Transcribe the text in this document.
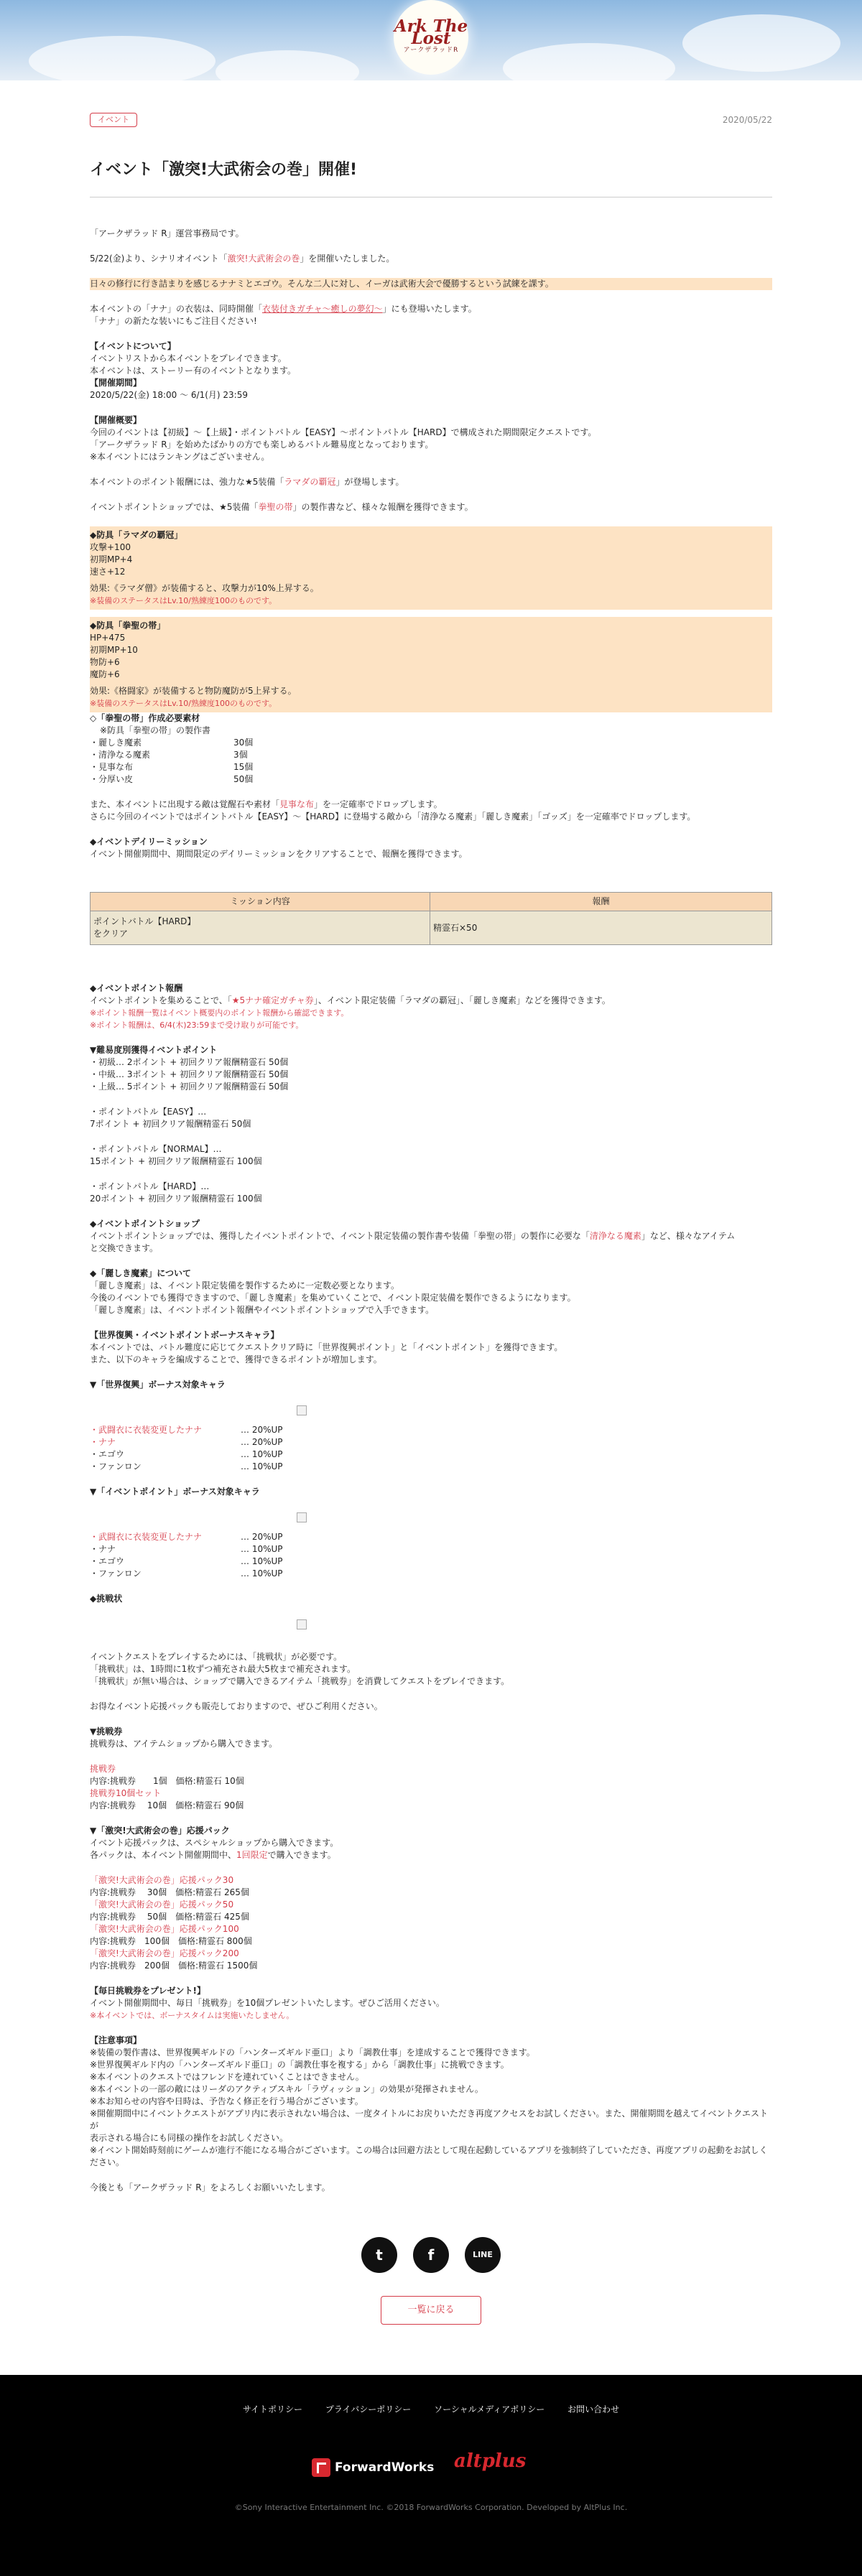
Ark The Lost
アークザラッドR
イベント	2020/05/22
イベント「激突!大武術会の巻」開催!

「アークザラッド R」運営事務局です。

5/22(金)より、シナリオイベント「激突!大武術会の巻」を開催いたしました。

日々の修行に行き詰まりを感じるナナミとエゴウ。そんな二人に対し、イーガは武術大会で優勝するという試練を課す。

本イベントの「ナナ」の衣装は、同時開催「衣装付きガチャ〜癒しの夢幻〜」にも登場いたします。

「ナナ」の新たな装いにもご注目ください!

【イベントについて】

イベントリストから本イベントをプレイできます。

本イベントは、ストーリー有のイベントとなります。

【開催期間】

2020/5/22(金) 18:00 〜 6/1(月) 23:59

【開催概要】

今回のイベントは【初級】〜【上級】・ポイントバトル【EASY】〜ポイントバトル【HARD】で構成された期間限定クエストです。

「アークザラッド R」を始めたばかりの方でも楽しめるバトル難易度となっております。

※本イベントにはランキングはございません。

本イベントのポイント報酬には、強力な★5装備「ラマダの覇冠」が登場します。

イベントポイントショップでは、★5装備「拳聖の帯」の製作書など、様々な報酬を獲得できます。

◆防具「ラマダの覇冠」

攻撃+100

初期MP+4

速さ+12

効果:《ラマダ僧》が装備すると、攻撃力が10%上昇する。

※装備のステータスはLv.10/熟練度100のものです。

◆防具「拳聖の帯」

HP+475

初期MP+10

物防+6

魔防+6

効果:《格闘家》が装備すると物防魔防が5上昇する。

※装備のステータスはLv.10/熟練度100のものです。

◇「拳聖の帯」作成必要素材

※防具「拳聖の帯」の製作書

・麗しき魔素	30個
・清浄なる魔素	3個
・見事な布	15個
・分厚い皮	50個

また、本イベントに出現する敵は覚醒石や素材「見事な布」を一定確率でドロップします。

さらに今回のイベントではポイントバトル【EASY】〜【HARD】に登場する敵から「清浄なる魔素」「麗しき魔素」「ゴッズ」を一定確率でドロップします。

◆イベントデイリーミッション

イベント開催期間中、期間限定のデイリーミッションをクリアすることで、報酬を獲得できます。

ミッション内容	報酬

ポイントバトル【HARD】

をクリア	精霊石×50

◆イベントポイント報酬

イベントポイントを集めることで、「★5ナナ確定ガチャ券」、イベント限定装備「ラマダの覇冠」、「麗しき魔素」などを獲得できます。

※ポイント報酬一覧はイベント概要内のポイント報酬から確認できます。

※ポイント報酬は、6/4(木)23:59まで受け取りが可能です。

▼難易度別獲得イベントポイント

・初級… 2ポイント + 初回クリア報酬精霊石 50個

・中級… 3ポイント + 初回クリア報酬精霊石 50個

・上級… 5ポイント + 初回クリア報酬精霊石 50個

・ポイントバトル【EASY】…

7ポイント + 初回クリア報酬精霊石 50個

・ポイントバトル【NORMAL】…

15ポイント + 初回クリア報酬精霊石 100個

・ポイントバトル【HARD】…

20ポイント + 初回クリア報酬精霊石 100個

◆イベントポイントショップ

イベントポイントショップでは、獲得したイベントポイントで、イベント限定装備の製作書や装備「拳聖の帯」の製作に必要な「清浄なる魔素」など、様々なアイテム

と交換できます。

◆「麗しき魔素」について

「麗しき魔素」は、イベント限定装備を製作するために一定数必要となります。

今後のイベントでも獲得できますので、「麗しき魔素」を集めていくことで、イベント限定装備を製作できるようになります。

「麗しき魔素」は、イベントポイント報酬やイベントポイントショップで入手できます。

【世界復興・イベントポイントボーナスキャラ】

本イベントでは、バトル難度に応じてクエストクリア時に「世界復興ポイント」と「イベントポイント」を獲得できます。

また、以下のキャラを編成することで、獲得できるポイントが増加します。

▼「世界復興」ボーナス対象キャラ

・武闘衣に衣装変更したナナ	… 20%UP
・ナナ	… 20%UP
・エゴウ	… 10%UP
・ファンロン	… 10%UP

▼「イベントポイント」ボーナス対象キャラ

・武闘衣に衣装変更したナナ	… 20%UP
・ナナ	… 10%UP
・エゴウ	… 10%UP
・ファンロン	… 10%UP

◆挑戦状

イベントクエストをプレイするためには、「挑戦状」が必要です。

「挑戦状」は、1時間に1枚ずつ補充され最大5枚まで補充されます。

「挑戦状」が無い場合は、ショップで購入できるアイテム「挑戦券」を消費してクエストをプレイできます。

お得なイベント応援パックも販売しておりますので、ぜひご利用ください。

▼挑戦券

挑戦券は、アイテムショップから購入できます。

挑戦券

内容:挑戦券　　1個　価格:精霊石 10個

挑戦券10個セット

内容:挑戦券　 10個　価格:精霊石 90個

▼「激突!大武術会の巻」応援パック

イベント応援パックは、スペシャルショップから購入できます。

各パックは、本イベント開催期間中、1回限定で購入できます。

「激突!大武術会の巻」応援パック30

内容:挑戦券　 30個　価格:精霊石 265個

「激突!大武術会の巻」応援パック50

内容:挑戦券　 50個　価格:精霊石 425個

「激突!大武術会の巻」応援パック100

内容:挑戦券　100個　価格:精霊石 800個

「激突!大武術会の巻」応援パック200

内容:挑戦券　200個　価格:精霊石 1500個

【毎日挑戦券をプレゼント!】

イベント開催期間中、毎日「挑戦券」を10個プレゼントいたします。ぜひご活用ください。

※本イベントでは、ボーナスタイムは実施いたしません。

【注意事項】

※装備の製作書は、世界復興ギルドの「ハンターズギルド亜口」より「調教仕事」を達成することで獲得できます。

※世界復興ギルド内の「ハンターズギルド亜口」の「調教仕事を複する」から「調教仕事」に挑戦できます。

※本イベントのクエストではフレンドを連れていくことはできません。

※本イベントの一部の敵にはリーダのアクティブスキル「ラヴィッション」の効果が発揮されません。

※本お知らせの内容や日時は、予告なく修正を行う場合がございます。

※開催期間中にイベントクエストがアプリ内に表示されない場合は、一度タイトルにお戻りいただき再度アクセスをお試しください。また、開催期間を越えてイベントクエストが

表示される場合にも同様の操作をお試しください。

※イベント開始時刻前にゲームが進行不能になる場合がございます。この場合は回避方法として現在起動しているアプリを強制終了していただき、再度アプリの起動をお試しく

ださい。

今後とも「アークザラッド R」をよろしくお願いいたします。

t	f	LINE
一覧に戻る
サイトポリシー	プライバシーポリシー	ソーシャルメディアポリシー	お問い合わせ
ForwardWorks altplus
©Sony Interactive Entertainment Inc. ©2018 ForwardWorks Corporation. Developed by AltPlus Inc.
